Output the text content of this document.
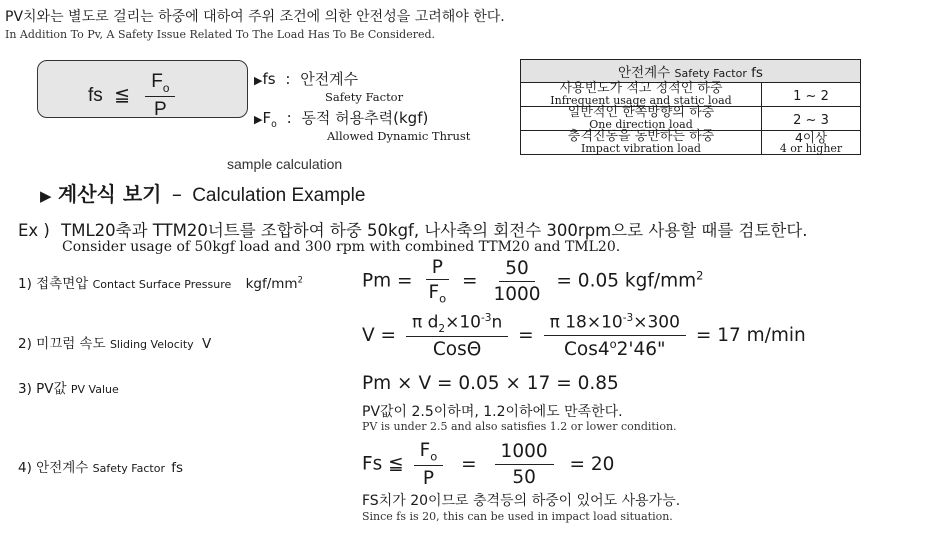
PV치와는 별도로 걸리는 하중에 대하여 주위 조건에 의한 안전성을 고려해야 한다.
In Addition To Pv, A Safety Issue Related To The Load Has To Be Considered.
fs ≦ $\frac{F_o}{P}$	▶fs : 안전계수
Safety Factor
$▶F_o$ : 동적 허용추력(kgf)
Allowed Dynamic Thrust
안전계수 Safety Factor fs	

사용빈도가 적고 정적인 하중
Infrequent usage and static load	1 ~ 2

일반적인 한쪽방향의 하중
One direction load	2 ~ 3

충격진동을 동반하는 하중
Impact vibration load	4이상
4 or higher
sample calculation
▶ 계산식 보기 – Calculation Example
Ex ) TML20축과 TTM20너트를 조합하여 하중 50kgf, 나사축의 회전수 300rpm으로 사용할 때를 검토한다.
Consider usage of 50kgf load and 300 rpm with combined TTM20 and TML20.
1) 접촉면압 Contact Surface Pressure kgf/$mm^2$	$Pm = \frac{P}{F_o} = \frac{50}{1000} = 0.05$ kgf/$mm^2$
2) 미끄럼 속도 Sliding Velocity V	$V = \frac{\pi d_2\times 10^{-3}n}{\text{CosΘ}} = \frac{\pi 18\times 10^{-3}\times 300}{Cos4^o2'46"} = 17$ m/min
3) PV값 PV Value	Pm × V = 0.05 × 17 = 0.85
PV값이 2.5이하며, 1.2이하에도 만족한다.
PV is under 2.5 and also satisfies 1.2 or lower condition.
4) 안전계수 Safety Factor fs	Fs ≦ $\frac{F_o}{P} = \frac{1000}{50} = 20$
FS치가 20이므로 충격등의 하중이 있어도 사용가능.
Since fs is 20, this can be used in impact load situation.
